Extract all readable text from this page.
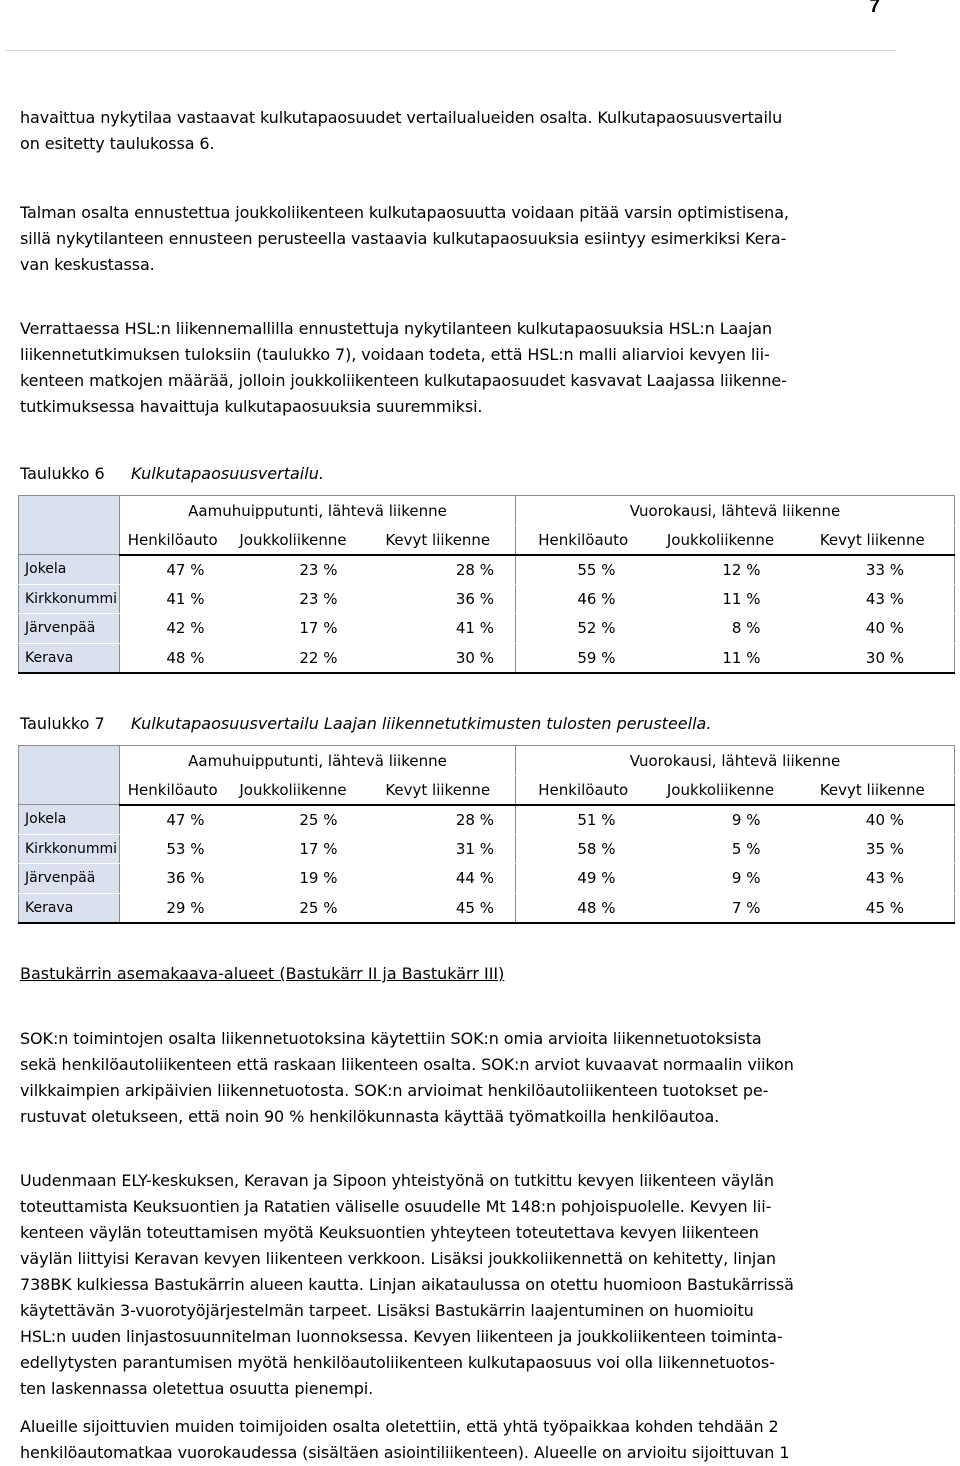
7

havaittua nykytilaa vastaavat kulkutapaosuudet vertailualueiden osalta. Kulkutapaosuusvertailu
on esitetty taulukossa 6.

Talman osalta ennustettua joukkoliikenteen kulkutapaosuutta voidaan pitää varsin optimistisena,
sillä nykytilanteen ennusteen perusteella vastaavia kulkutapaosuuksia esiintyy esimerkiksi Kera-
van keskustassa.

Verrattaessa HSL:n liikennemallilla ennustettuja nykytilanteen kulkutapaosuuksia HSL:n Laajan
liikennetutkimuksen tuloksiin (taulukko 7), voidaan todeta, että HSL:n malli aliarvioi kevyen lii-
kenteen matkojen määrää, jolloin joukkoliikenteen kulkutapaosuudet kasvavat Laajassa liikenne-
tutkimuksessa havaittuja kulkutapaosuuksia suuremmiksi.

Taulukko 6 Kulkutapaosuusvertailu.
	Aamuhuipputunti, lähtevä liikenne			Vuorokausi, lähtevä liikenne		
	Henkilöauto	Joukkoliikenne	Kevyt liikenne	Henkilöauto	Joukkoliikenne	Kevyt liikenne
Jokela	47 %	23 %	28 %	55 %	12 %	33 %
Kirkkonummi	41 %	23 %	36 %	46 %	11 %	43 %
Järvenpää	42 %	17 %	41 %	52 %	8 %	40 %
Kerava	48 %	22 %	30 %	59 %	11 %	30 %
Taulukko 7 Kulkutapaosuusvertailu Laajan liikennetutkimusten tulosten perusteella.
	Aamuhuipputunti, lähtevä liikenne			Vuorokausi, lähtevä liikenne		
	Henkilöauto	Joukkoliikenne	Kevyt liikenne	Henkilöauto	Joukkoliikenne	Kevyt liikenne
Jokela	47 %	25 %	28 %	51 %	9 %	40 %
Kirkkonummi	53 %	17 %	31 %	58 %	5 %	35 %
Järvenpää	36 %	19 %	44 %	49 %	9 %	43 %
Kerava	29 %	25 %	45 %	48 %	7 %	45 %
Bastukärrin asemakaava-alueet (Bastukärr II ja Bastukärr III)

SOK:n toimintojen osalta liikennetuotoksina käytettiin SOK:n omia arvioita liikennetuotoksista
sekä henkilöautoliikenteen että raskaan liikenteen osalta. SOK:n arviot kuvaavat normaalin viikon
vilkkaimpien arkipäivien liikennetuotosta. SOK:n arvioimat henkilöautoliikenteen tuotokset pe-
rustuvat oletukseen, että noin 90 % henkilökunnasta käyttää työmatkoilla henkilöautoa.

Uudenmaan ELY-keskuksen, Keravan ja Sipoon yhteistyönä on tutkittu kevyen liikenteen väylän
toteuttamista Keuksuontien ja Ratatien väliselle osuudelle Mt 148:n pohjoispuolelle. Kevyen lii-
kenteen väylän toteuttamisen myötä Keuksuontien yhteyteen toteutettava kevyen liikenteen
väylän liittyisi Keravan kevyen liikenteen verkkoon. Lisäksi joukkoliikennettä on kehitetty, linjan
738BK kulkiessa Bastukärrin alueen kautta. Linjan aikataulussa on otettu huomioon Bastukärrissä
käytettävän 3-vuorotyöjärjestelmän tarpeet. Lisäksi Bastukärrin laajentuminen on huomioitu
HSL:n uuden linjastosuunnitelman luonnoksessa. Kevyen liikenteen ja joukkoliikenteen toiminta-
edellytysten parantumisen myötä henkilöautoliikenteen kulkutapaosuus voi olla liikennetuotos-
ten laskennassa oletettua osuutta pienempi.

Alueille sijoittuvien muiden toimijoiden osalta oletettiin, että yhtä työpaikkaa kohden tehdään 2
henkilöautomatkaa vuorokaudessa (sisältäen asiointiliikenteen). Alueelle on arvioitu sijoittuvan 1
